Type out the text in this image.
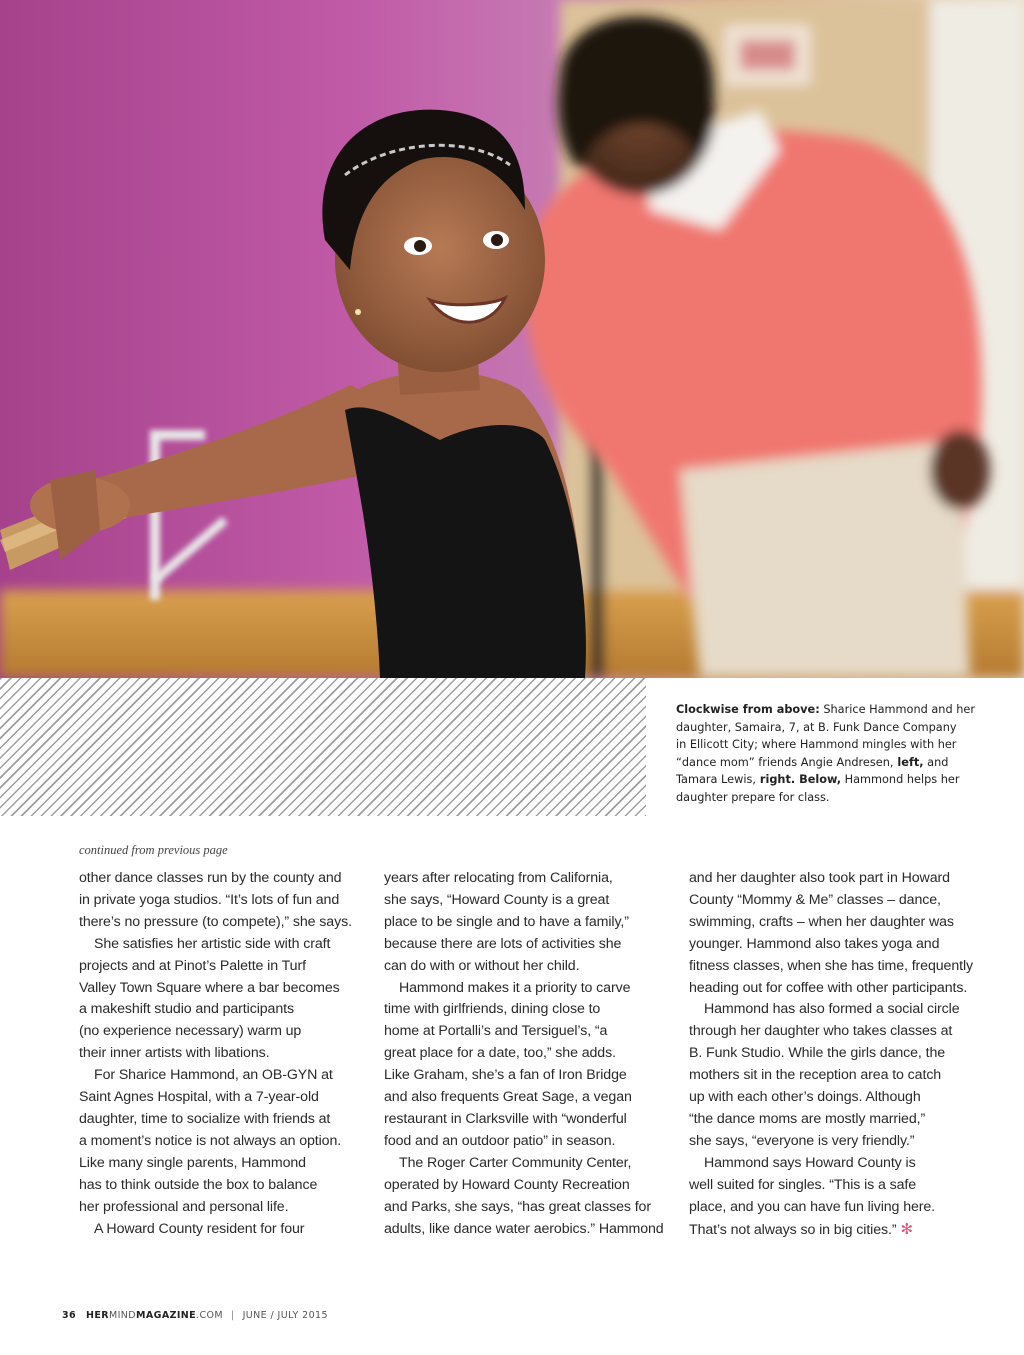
Clockwise from above: Sharice Hammond and her
daughter, Samaira, 7, at B. Funk Dance Company
in Ellicott City; where Hammond mingles with her
“dance mom” friends Angie Andresen, left, and
Tamara Lewis, right. Below, Hammond helps her
daughter prepare for class.
continued from previous page
other dance classes run by the county and
in private yoga studios. “It’s lots of fun and
there’s no pressure (to compete),” she says.
She satisfies her artistic side with craft
projects and at Pinot’s Palette in Turf
Valley Town Square where a bar becomes
a makeshift studio and participants
(no experience necessary) warm up
their inner artists with libations.
For Sharice Hammond, an OB-GYN at
Saint Agnes Hospital, with a 7-year-old
daughter, time to socialize with friends at
a moment’s notice is not always an option.
Like many single parents, Hammond
has to think outside the box to balance
her professional and personal life.
A Howard County resident for four
years after relocating from California,
she says, “Howard County is a great
place to be single and to have a family,”
because there are lots of activities she
can do with or without her child.
Hammond makes it a priority to carve
time with girlfriends, dining close to
home at Portalli’s and Tersiguel’s, “a
great place for a date, too,” she adds.
Like Graham, she’s a fan of Iron Bridge
and also frequents Great Sage, a vegan
restaurant in Clarksville with “wonderful
food and an outdoor patio” in season.
The Roger Carter Community Center,
operated by Howard County Recreation
and Parks, she says, “has great classes for
adults, like dance water aerobics.” Hammond
and her daughter also took part in Howard
County “Mommy & Me” classes – dance,
swimming, crafts – when her daughter was
younger. Hammond also takes yoga and
fitness classes, when she has time, frequently
heading out for coffee with other participants.
Hammond has also formed a social circle
through her daughter who takes classes at
B. Funk Studio. While the girls dance, the
mothers sit in the reception area to catch
up with each other’s doings. Although
“the dance moms are mostly married,”
she says, “everyone is very friendly.”
Hammond says Howard County is
well suited for singles. “This is a safe
place, and you can have fun living here.
That’s not always so in big cities.” ✻
36 HERMINDMAGAZINE.COM | JUNE / JULY 2015
